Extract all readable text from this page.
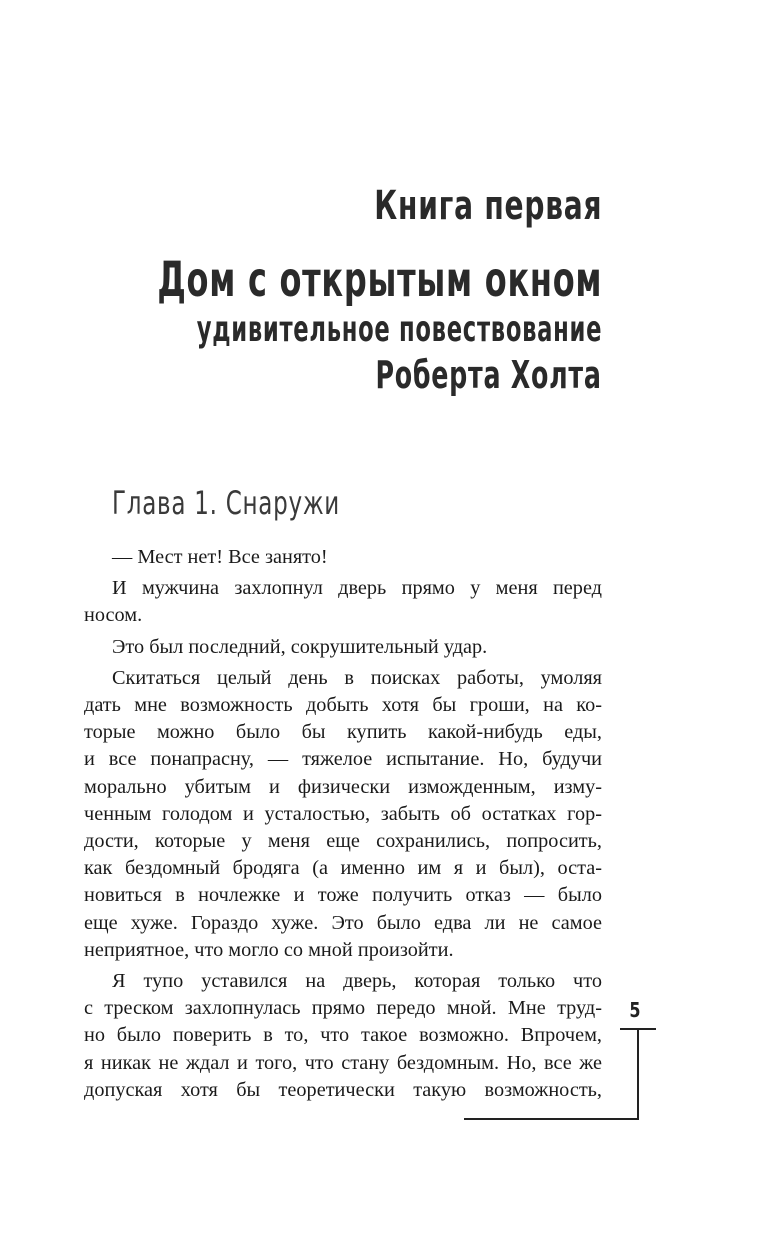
Книга первая
Дом с открытым окном
удивительное повествование
Роберта Холта
Глава 1. Снаружи

— Мест нет! Все занято!

И мужчина захлопнул дверь прямо у меня перед
носом.

Это был последний, сокрушительный удар.

Скитаться целый день в поисках работы, умоляя
дать мне возможность добыть хотя бы гроши, на ко-
торые можно было бы купить какой-нибудь еды,
и все понапрасну, — тяжелое испытание. Но, будучи
морально убитым и физически изможденным, изму-
ченным голодом и усталостью, забыть об остатках гор-
дости, которые у меня еще сохранились, попросить,
как бездомный бродяга (а именно им я и был), оста-
новиться в ночлежке и тоже получить отказ — было
еще хуже. Гораздо хуже. Это было едва ли не самое
неприятное, что могло со мной произойти.

Я тупо уставился на дверь, которая только что
с треском захлопнулась прямо передо мной. Мне труд-
но было поверить в то, что такое возможно. Впрочем,
я никак не ждал и того, что стану бездомным. Но, все же
допуская хотя бы теоретически такую возможность,

5
